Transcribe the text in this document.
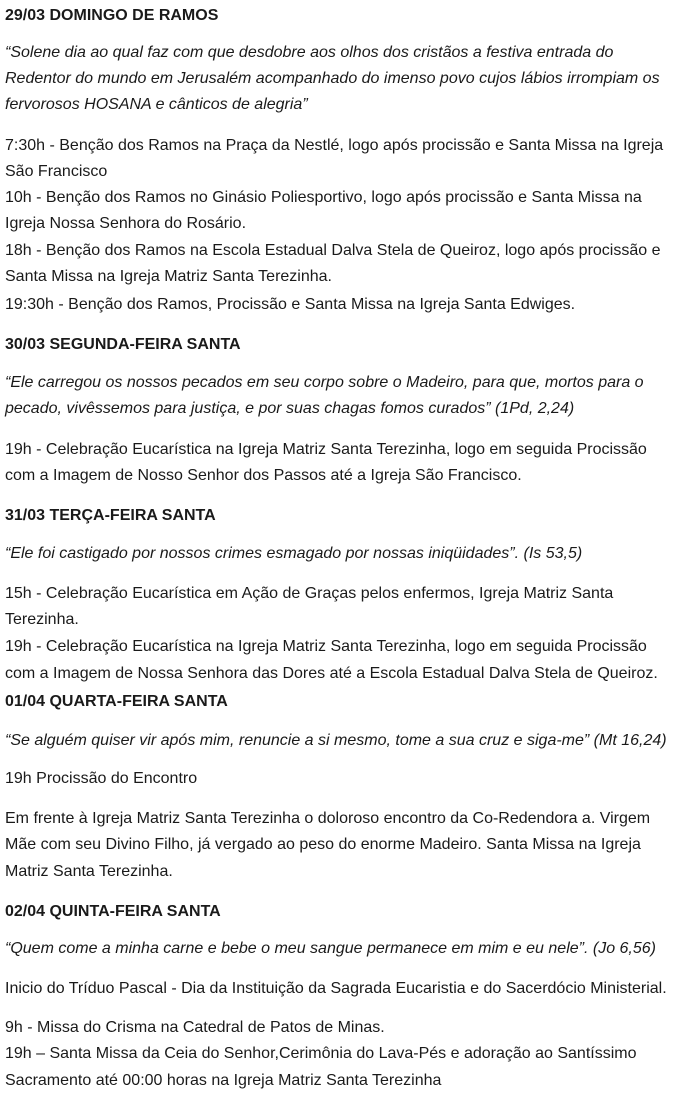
29/03 DOMINGO DE RAMOS
“Solene dia ao qual faz com que desdobre aos olhos dos cristãos a festiva entrada do
Redentor do mundo em Jerusalém acompanhado do imenso povo cujos lábios irrompiam os
fervorosos HOSANA e cânticos de alegria”
7:30h - Benção dos Ramos na Praça da Nestlé, logo após procissão e Santa Missa na Igreja
São Francisco
10h - Benção dos Ramos no Ginásio Poliesportivo, logo após procissão e Santa Missa na
Igreja Nossa Senhora do Rosário.
18h - Benção dos Ramos na Escola Estadual Dalva Stela de Queiroz, logo após procissão e
Santa Missa na Igreja Matriz Santa Terezinha.
19:30h - Benção dos Ramos, Procissão e Santa Missa na Igreja Santa Edwiges.
30/03 SEGUNDA-FEIRA SANTA
“Ele carregou os nossos pecados em seu corpo sobre o Madeiro, para que, mortos para o
pecado, vivêssemos para justiça, e por suas chagas fomos curados” (1Pd, 2,24)
19h - Celebração Eucarística na Igreja Matriz Santa Terezinha, logo em seguida Procissão
com a Imagem de Nosso Senhor dos Passos até a Igreja São Francisco.
31/03 TERÇA-FEIRA SANTA
“Ele foi castigado por nossos crimes esmagado por nossas iniqüidades”. (Is 53,5)
15h - Celebração Eucarística em Ação de Graças pelos enfermos, Igreja Matriz Santa
Terezinha.
19h - Celebração Eucarística na Igreja Matriz Santa Terezinha, logo em seguida Procissão
com a Imagem de Nossa Senhora das Dores até a Escola Estadual Dalva Stela de Queiroz.
01/04 QUARTA-FEIRA SANTA
“Se alguém quiser vir após mim, renuncie a si mesmo, tome a sua cruz e siga-me” (Mt 16,24)
19h Procissão do Encontro
Em frente à Igreja Matriz Santa Terezinha o doloroso encontro da Co-Redendora a. Virgem
Mãe com seu Divino Filho, já vergado ao peso do enorme Madeiro. Santa Missa na Igreja
Matriz Santa Terezinha.
02/04 QUINTA-FEIRA SANTA
“Quem come a minha carne e bebe o meu sangue permanece em mim e eu nele”. (Jo 6,56)
Inicio do Tríduo Pascal - Dia da Instituição da Sagrada Eucaristia e do Sacerdócio Ministerial.
9h - Missa do Crisma na Catedral de Patos de Minas.
19h – Santa Missa da Ceia do Senhor,Cerimônia do Lava-Pés e adoração ao Santíssimo
Sacramento até 00:00 horas na Igreja Matriz Santa Terezinha
